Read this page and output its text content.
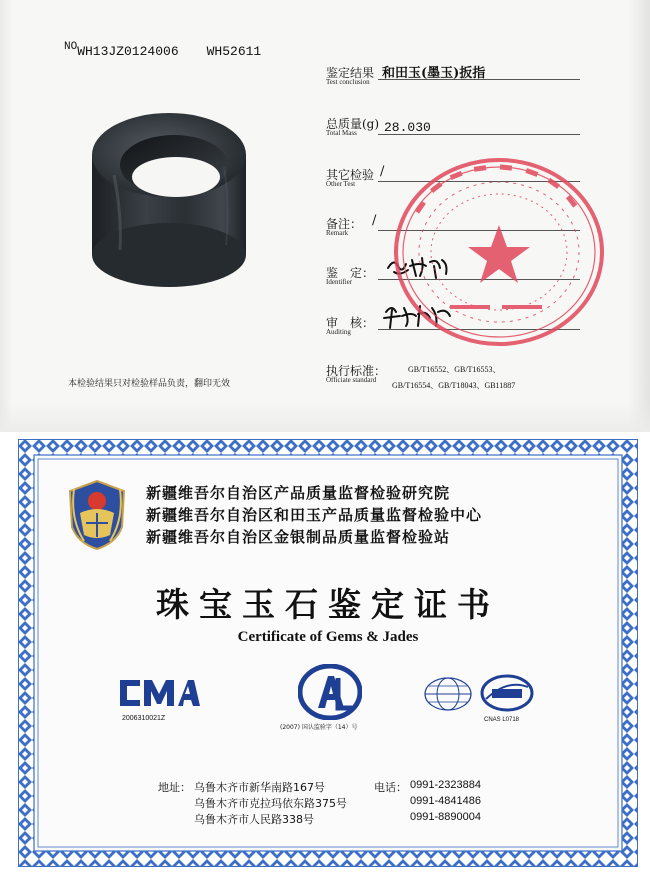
$^{NO}$WH13JZ0124006 WH52611
本检验结果只对检验样品负责，翻印无效
鉴定结果
Test conclusion
和田玉(墨玉)扳指
总质量(g)
Total Mass 28.030
其它检验
Other Test
/
备注：
Remark
/
鉴　定：
Identifier
审　核：
Auditing
执行标准：
Officiate standard
GB/T16552、GB/T16553、
GB/T16554、GB/T18043、GB11887
新疆维吾尔自治区产品质量监督检验研究院
新疆维吾尔自治区和田玉产品质量监督检验中心
新疆维吾尔自治区金银制品质量监督检验站
珠宝玉石鉴定证书
Certificate of Gems & Jades
2006310021Z
(2007) 国认监验字（14）号
CNAS L0718
地址：	电话：
乌鲁木齐市新华南路167号
乌鲁木齐市克拉玛依东路375号
乌鲁木齐市人民路338号
0991-2323884
0991-4841486
0991-8890004
